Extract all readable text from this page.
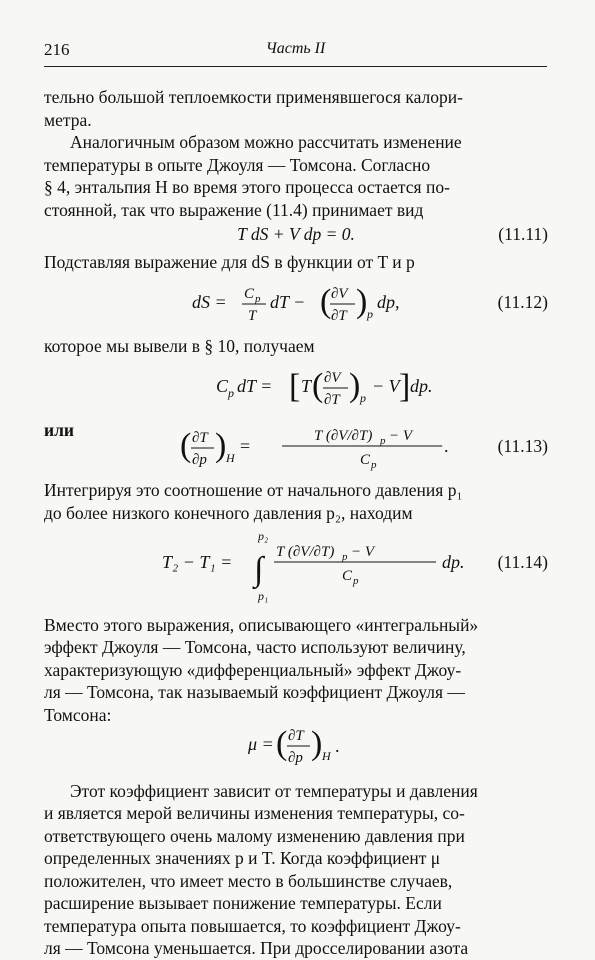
216	Часть II
тельно большой теплоемкости применявшегося калори-
метра.
Аналогичным образом можно рассчитать изменение
температуры в опыте Джоуля — Томсона. Согласно
§ 4, энтальпия H во время этого процесса остается по-
стоянной, так что выражение (11.4) принимает вид
T dS + V dp = 0.	(11.11)
Подставляя выражение для dS в функции от T и p
dS = C p
T
dT − ( ∂V
∂T ) p
dp,	(11.12)
которое мы вывели в § 10, получаем
C p dT = [ T ( ∂V
∂T ) p
− V ] dp.
или	( ∂T
∂p ) H
=	T (∂V/∂T) p − V
C p
.	(11.13)
Интегрируя это соотношение от начального давления p₁
до более низкого конечного давления p₂, находим
T₂ − T₁ = ∫
p₂
p₁
T (∂V/∂T) p − V
C p
dp. (11.14)
Вместо этого выражения, описывающего «интегральный»
эффект Джоуля — Томсона, часто используют величину,
характеризующую «дифференциальный» эффект Джоу-
ля — Томсона, так называемый коэффициент Джоуля —
Томсона:
μ = ( ∂T
∂p ) H .
Этот коэффициент зависит от температуры и давления
и является мерой величины изменения температуры, со-
ответствующего очень малому изменению давления при
определенных значениях p и T. Когда коэффициент μ
положителен, что имеет место в большинстве случаев,
расширение вызывает понижение температуры. Если
температура опыта повышается, то коэффициент Джоу-
ля — Томсона уменьшается. При дросселировании азота
